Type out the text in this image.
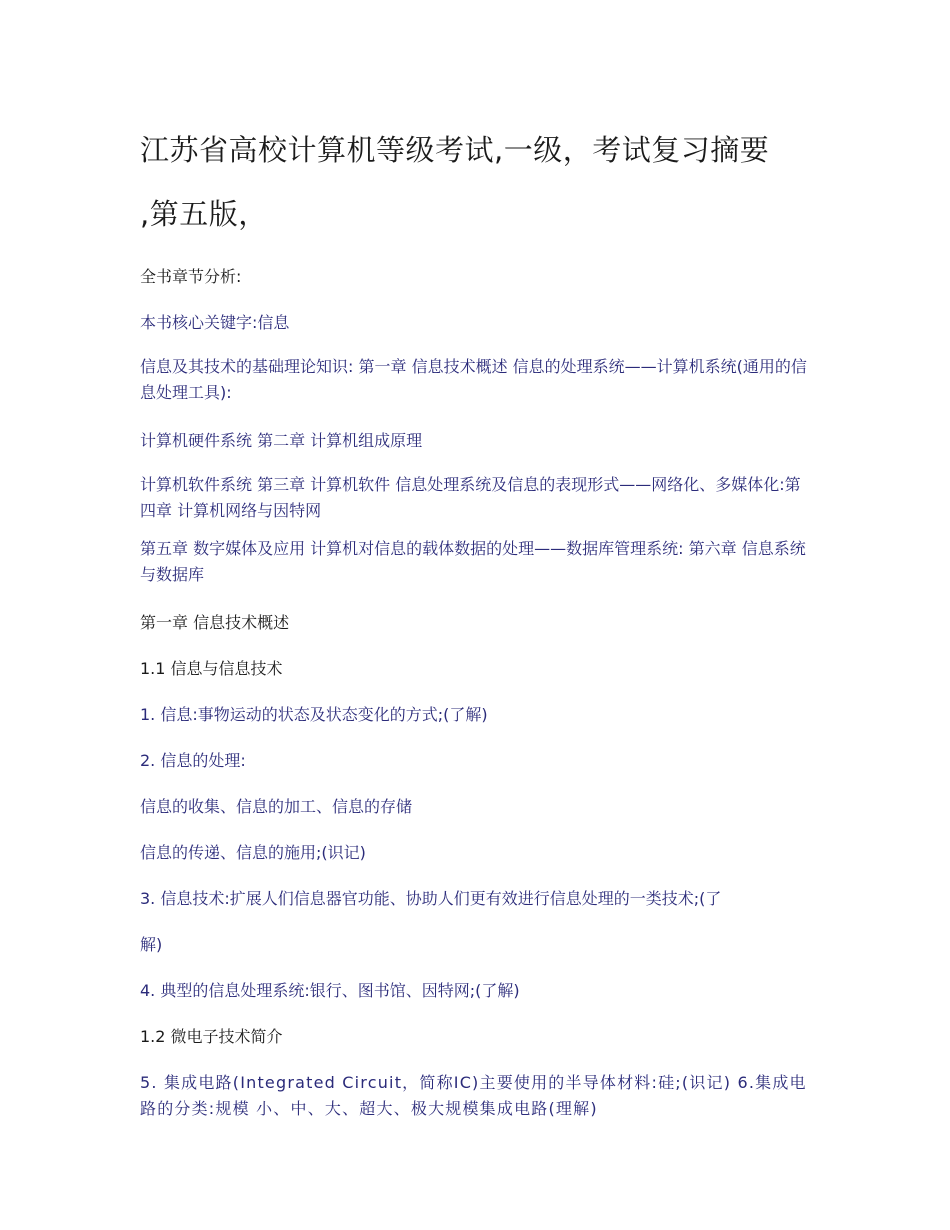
江苏省高校计算机等级考试,一级，考试复习摘要
,第五版，

全书章节分析:

本书核心关键字:信息

信息及其技术的基础理论知识: 第一章 信息技术概述 信息的处理系统——计算机系统(通用的信息处理工具):

计算机硬件系统 第二章 计算机组成原理

计算机软件系统 第三章 计算机软件 信息处理系统及信息的表现形式——网络化、多媒体化:第四章 计算机网络与因特网

第五章 数字媒体及应用 计算机对信息的载体数据的处理——数据库管理系统: 第六章 信息系统与数据库

第一章 信息技术概述

1.1 信息与信息技术

1. 信息:事物运动的状态及状态变化的方式;(了解)

2. 信息的处理:

信息的收集、信息的加工、信息的存储

信息的传递、信息的施用;(识记)

3. 信息技术:扩展人们信息器官功能、协助人们更有效进行信息处理的一类技术;(了

解)

4. 典型的信息处理系统:银行、图书馆、因特网;(了解)

1.2 微电子技术简介

5. 集成电路(Integrated Circuit，简称IC)主要使用的半导体材料:硅;(识记) 6.集成电路的分类:规模 小、中、大、超大、极大规模集成电路(理解)
